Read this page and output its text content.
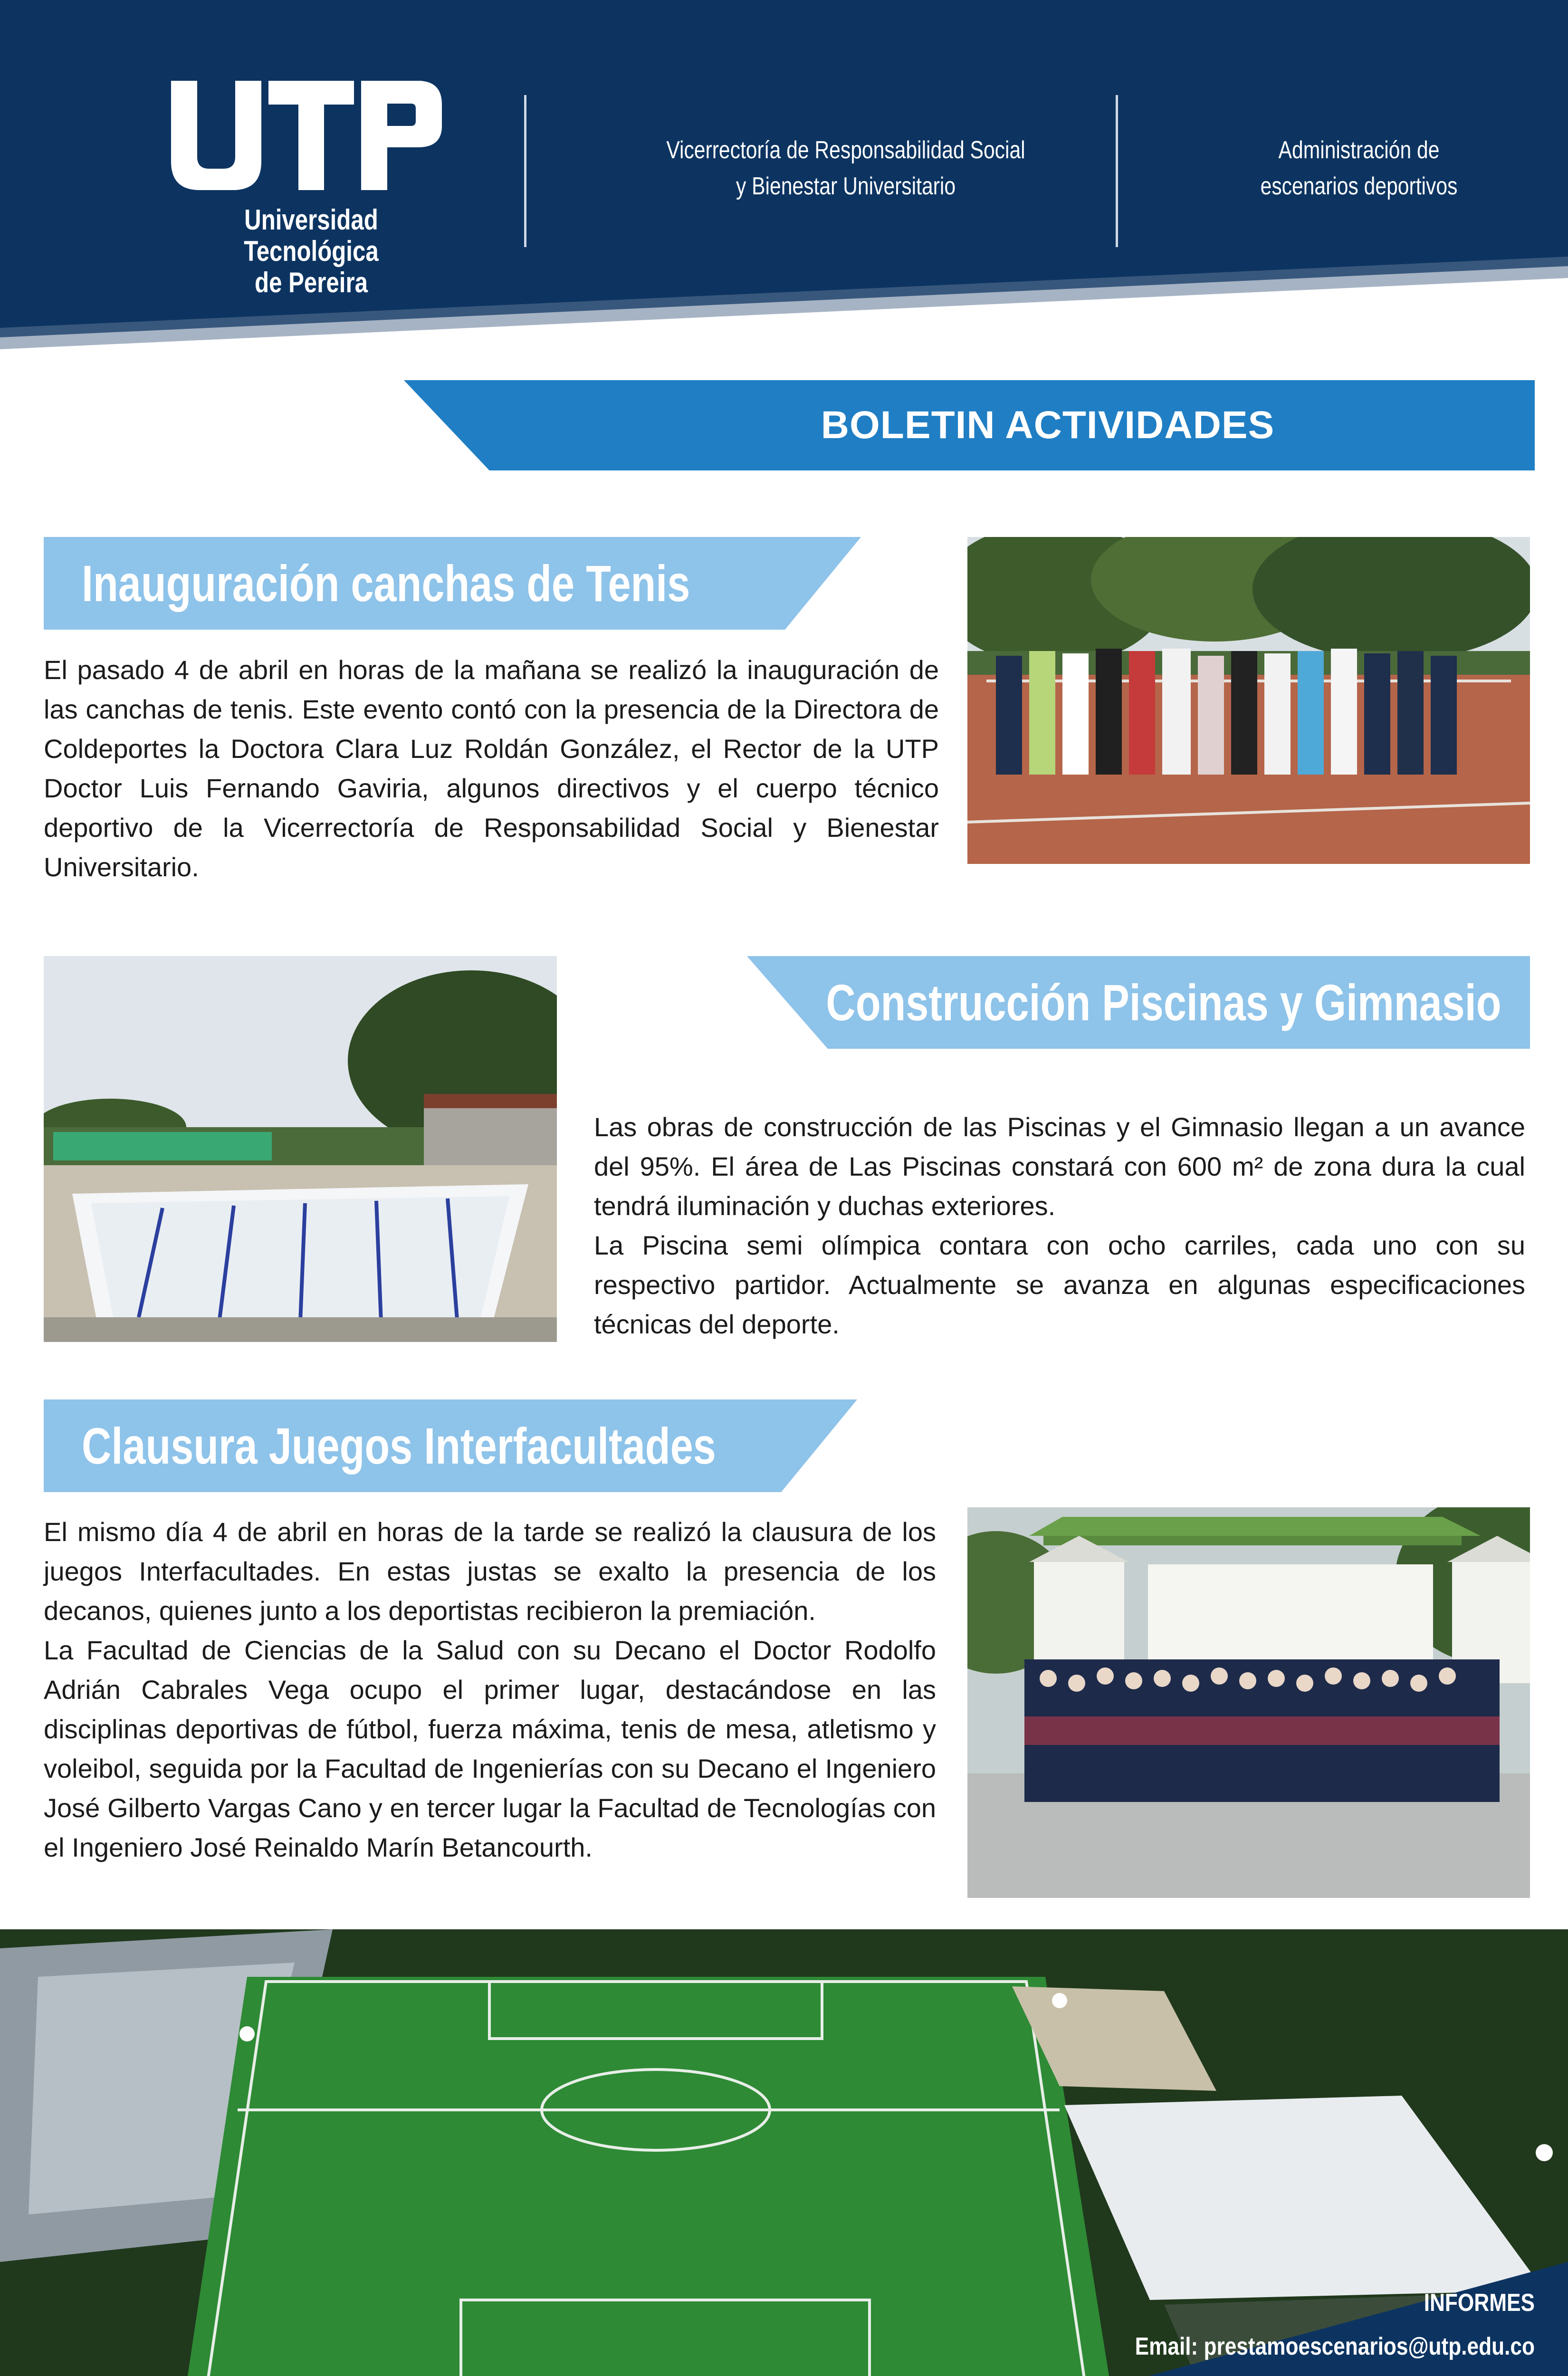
Universidad Tecnológica
de Pereira
Vicerrectoría de Responsabilidad Social
y Bienestar Universitario
Administración de
escenarios deportivos
BOLETIN ACTIVIDADES
Inauguración canchas de Tenis

El pasado 4 de abril en horas de la mañana se realizó la inauguración de las canchas de tenis. Este evento contó con la presencia de la Directora de Coldeportes la Doctora Clara Luz Roldán González, el Rector de la UTP Doctor Luis Fernando Gaviria, algunos directivos y el cuerpo técnico deportivo de la Vicerrectoría de Responsabilidad Social y Bienestar Universitario.

Construcción Piscinas y Gimnasio

Las obras de construcción de las Piscinas y el Gimnasio llegan a un avance del 95%. El área de Las Piscinas constará con 600 m² de zona dura la cual tendrá iluminación y duchas exteriores.

La Piscina semi olímpica contara con ocho carriles, cada uno con su respectivo partidor. Actualmente se avanza en algunas especificaciones técnicas del deporte.

Clausura Juegos Interfacultades

El mismo día 4 de abril en horas de la tarde se realizó la clausura de los juegos Interfacultades. En estas justas se exalto la presencia de los decanos, quienes junto a los deportistas recibieron la premiación.

La Facultad de Ciencias de la Salud con su Decano el Doctor Rodolfo Adrián Cabrales Vega ocupo el primer lugar, destacándose en las disciplinas deportivas de fútbol, fuerza máxima, tenis de mesa, atletismo y voleibol, seguida por la Facultad de Ingenierías con su Decano el Ingeniero José Gilberto Vargas Cano y en tercer lugar la Facultad de Tecnologías con el Ingeniero José Reinaldo Marín Betancourth.

INFORMES
Email: prestamoescenarios@utp.edu.co
